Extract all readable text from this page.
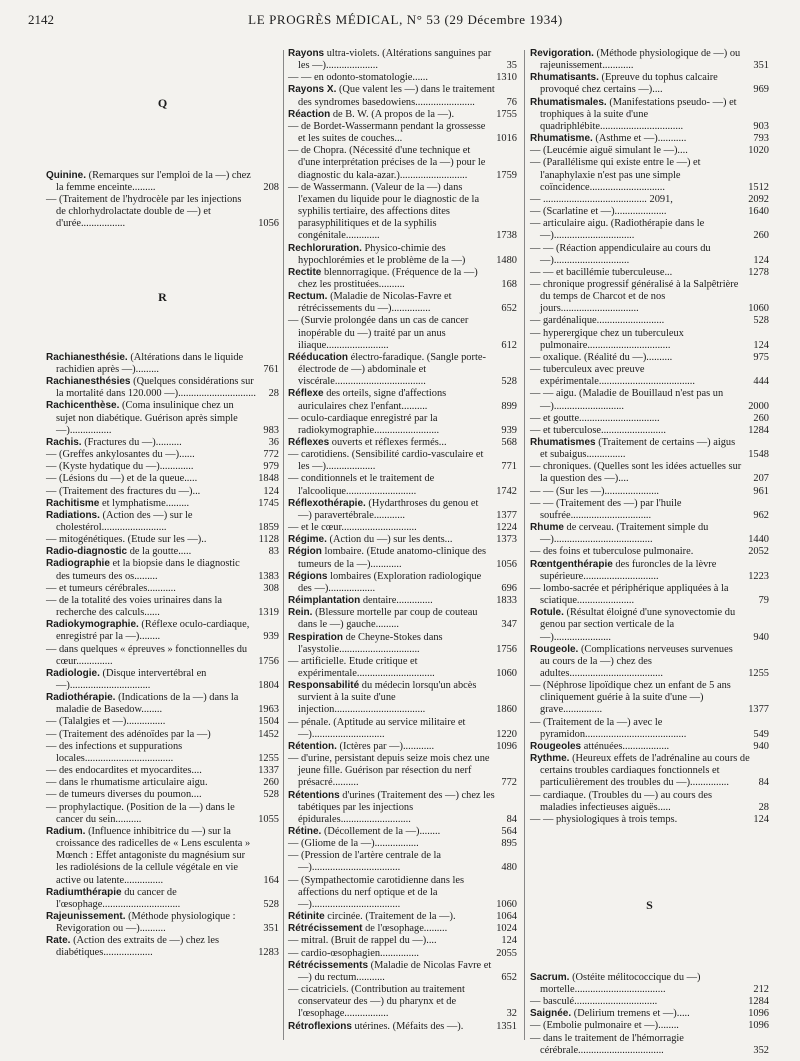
2142	LE PROGRÈS MÉDICAL, N° 53 (29 Décembre 1934)
Q
Quinine. (Remarques sur l'emploi de la —) chez la femme enceinte.........	208
— (Traitement de l'hydrocèle par les injections de chlorhydrolactate double de —) et d'urée.................	1056
R
Rachianesthésie. (Altérations dans le liquide rachidien après —).........	761
Rachianesthésies (Quelques considérations sur la mortalité dans 120.000 —)..............................	28
Rachicenthèse. (Coma insulinique chez un sujet non diabétique. Guérison après simple —)................	983
Rachis. (Fractures du —)..........	36
— (Greffes ankylosantes du —)......	772
— (Kyste hydatique du —).............	979
— (Lésions du —) et de la queue.....	1848
— (Traitement des fractures du —)...	124
Rachitisme et lymphatisme.........	1745
Radiations. (Action des —) sur le cholestérol.........................	1859
— mitogénétiques. (Etude sur les —)..	1128
Radio-diagnostic de la goutte.....	83
Radiographie et la biopsie dans le diagnostic des tumeurs des os.........	1383
— et tumeurs cérébrales...........	308
— de la totalité des voies urinaires dans la recherche des calculs......	1319
Radiokymographie. (Réflexe oculo-cardiaque, enregistré par la —)........	939
— dans quelques « épreuves » fonctionnelles du cœur..............	1756
Radiologie. (Disque intervertébral en —)...............................	1804
Radiothérapie. (Indications de la —) dans la maladie de Basedow........	1963
— (Talalgies et —)...............	1504
— (Traitement des adénoïdes par la —)	1452
— des infections et suppurations locales..................................	1255
— des endocardites et myocardites....	1337
— dans le rhumatisme articulaire aigu.	260
— de tumeurs diverses du poumon....	528
— prophylactique. (Position de la —) dans le cancer du sein..........	1055
Radium. (Influence inhibitrice du —) sur la croissance des radicelles de « Lens esculenta » Mœnch : Effet antagoniste du magnésium sur les radiolésions de la cellule végétale en vie active ou latente...............	164
Radiumthérapie du cancer de l'œsophage..............................	528
Rajeunissement. (Méthode physiologique : Revigoration ou —)..........	351
Rate. (Action des extraits de —) chez les diabétiques...................	1283
Rayons ultra-violets. (Altérations sanguines par les —)....................	35
— — en odonto-stomatologie......	1310
Rayons X. (Que valent les —) dans le traitement des syndromes basedowiens.......................	76
Réaction de B. W. (A propos de la —).	1755
— de Bordet-Wassermann pendant la grossesse et les suites de couches...	1016
— de Chopra. (Nécessité d'une technique et d'une interprétation précises de la —) pour le diagnostic du kala-azar.)..........................	1759
— de Wassermann. (Valeur de la —) dans l'examen du liquide pour le diagnostic de la syphilis tertiaire, des affections dites parasyphilitiques et de la syphilis congénitale.............	1738
Rechloruration. Physico-chimie des hypochlorémies et le problème de la —)	1480
Rectite blennorragique. (Fréquence de la —) chez les prostituées..........	168
Rectum. (Maladie de Nicolas-Favre et rétrécissements du —)...............	652
— (Survie prolongée dans un cas de cancer inopérable du —) traité par un anus iliaque........................	612
Rééducation électro-faradique. (Sangle porte-électrode de —) abdominale et viscérale...................................	528
Réflexe des orteils, signe d'affections auriculaires chez l'enfant..........	899
— oculo-cardiaque enregistré par la radiokymographie.........................	939
Réflexes ouverts et réflexes fermés...	568
— carotidiens. (Sensibilité cardio-vasculaire et les —)...................	771
— conditionnels et le traitement de l'alcoolique...........................	1742
Réflexothérapie. (Hydarthroses du genou et —) paravertébrale............	1377
— et le cœur.............................	1224
Régime. (Action du —) sur les dents...	1373
Région lombaire. (Etude anatomo-clinique des tumeurs de la —)............	1056
Régions lombaires (Exploration radiologique des —)..................	696
Réimplantation dentaire..............	1833
Rein. (Blessure mortelle par coup de couteau dans le —) gauche.........	347
Respiration de Cheyne-Stokes dans l'asystolie...............................	1756
— artificielle. Etude critique et expérimentale..............................	1060
Responsabilité du médecin lorsqu'un abcès survient à la suite d'une injection...................................	1860
— pénale. (Aptitude au service militaire et —)............................	1220
Rétention. (Ictères par —)............	1096
— d'urine, persistant depuis seize mois chez une jeune fille. Guérison par résection du nerf présacré..........	772
Rétentions d'urines (Traitement des —) chez les tabétiques par les injections épidurales...........................	84
Rétine. (Décollement de la —)........	564
— (Gliome de la —).................	895
— (Pression de l'artère centrale de la —)..................................	480
— (Sympathectomie carotidienne dans les affections du nerf optique et de la —)..................................	1060
Rétinite circinée. (Traitement de la —).	1064
Rétrécissement de l'œsophage.........	1024
— mitral. (Bruit de rappel du —)....	124
— cardio-œsophagien...............	2055
Rétrécissements (Maladie de Nicolas Favre et —) du rectum...........	652
— cicatriciels. (Contribution au traitement conservateur des —) du pharynx et de l'œsophage.................	32
Rétroflexions utérines. (Méfaits des —).	1351
Revigoration. (Méthode physiologique de —) ou rajeunissement............	351
Rhumatisants. (Epreuve du tophus calcaire provoqué chez certains —)....	969
Rhumatismales. (Manifestations pseudo- —) et trophiques à la suite d'une quadriphlébite................................	903
Rhumatisme. (Asthme et —)...........	793
— (Leucémie aiguë simulant le —)....	1020
— (Parallélisme qui existe entre le —) et l'anaphylaxie n'est pas une simple coïncidence.............................	1512
— ........................................ 2091,	2092
— (Scarlatine et —)....................	1640
— articulaire aigu. (Radiothérapie dans le —)...............................	260
— — (Réaction appendiculaire au cours du —).............................	124
— — et bacillémie tuberculeuse...	1278
— chronique progressif généralisé à la Salpêtrière du temps de Charcot et de nos jours..............................	1060
— gardénalique..........................	528
— hyperergique chez un tuberculeux pulmonaire................................	124
— oxalique. (Réalité du —)..........	975
— tuberculeux avec preuve expérimentale.....................................	444
— — aigu. (Maladie de Bouillaud n'est pas un —)...........................	2000
— et goutte...............................	260
— et tuberculose.........................	1284
Rhumatismes (Traitement de certains —) aigus et subaigus...............	1548
— chroniques. (Quelles sont les idées actuelles sur la question des —)....	207
— — (Sur les —).....................	961
— — (Traitement des —) par l'huile soufrée...............................	962
Rhume de cerveau. (Traitement simple du —)......................................	1440
— des foins et tuberculose pulmonaire.	2052
Rœntgenthérapie des furoncles de la lèvre supérieure.............................	1223
— lombo-sacrée et périphérique appliquées à la sciatique......................	79
Rotule. (Résultat éloigné d'une synovectomie du genou par section verticale de la —)......................	940
Rougeole. (Complications nerveuses survenues au cours de la —) chez des adultes....................................	1255
— (Néphrose lipoïdique chez un enfant de 5 ans cliniquement guérie à la suite d'une —) grave...............	1377
— (Traitement de la —) avec le pyramidon.......................................	549
Rougeoles atténuées..................	940
Rythme. (Heureux effets de l'adrénaline au cours de certains troubles cardiaques fonctionnels et particulièrement des troubles du —)...............	84
— cardiaque. (Troubles du —) au cours des maladies infectieuses aiguës.....	28
— — physiologiques à trois temps.	124
S
Sacrum. (Ostéite mélitococcique du —) mortelle...................................	212
— basculé................................	1284
Saignée. (Delirium tremens et —).....	1096
— (Embolie pulmonaire et —)........	1096
— dans le traitement de l'hémorragie cérébrale.................................	352
